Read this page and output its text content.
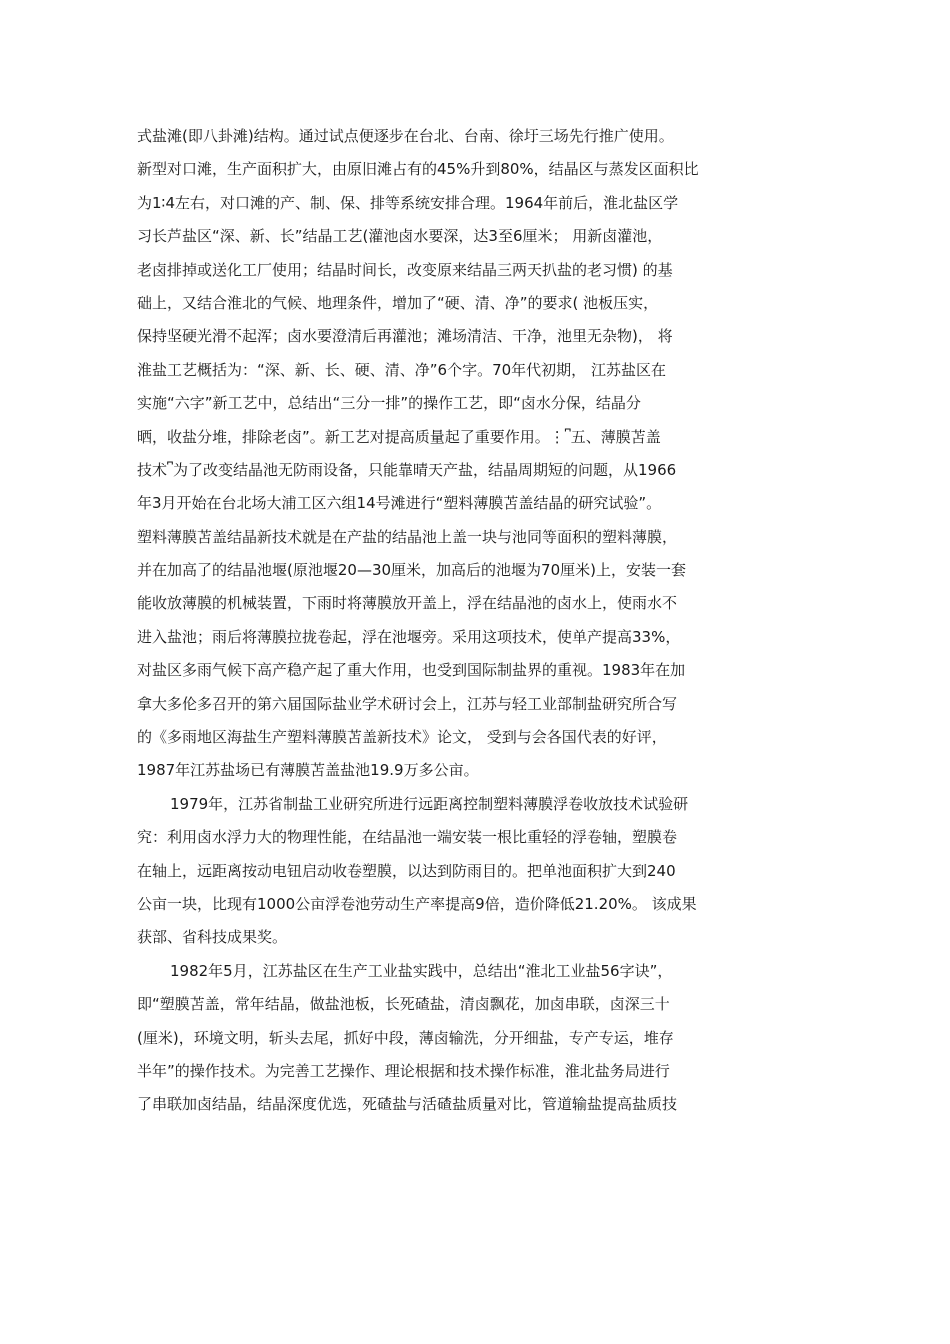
式盐滩(即八卦滩)结构。通过试点便逐步在台北、台南、徐圩三场先行推广使用。
新型对口滩，生产面积扩大，由原旧滩占有的45%升到80%，结晶区与蒸发区面积比
为1∶4左右，对口滩的产、制、保、排等系统安排合理。1964年前后，淮北盐区学
习长芦盐区“深、新、长”结晶工艺(灌池卤水要深，达3至6厘米； 用新卤灌池，
老卤排掉或送化工厂使用；结晶时间长，改变原来结晶三两天扒盐的老习惯) 的基
础上，又结合淮北的气候、地理条件，增加了“硬、清、净”的要求( 池板压实，
保持坚硬光滑不起浑；卤水要澄清后再灌池；滩场清洁、干净，池里无杂物)， 将
淮盐工艺概括为：“深、新、长、硬、清、净”6个字。70年代初期， 江苏盐区在
实施“六字”新工艺中，总结出“三分一排”的操作工艺，即“卤水分保，结晶分
晒，收盐分堆，排除老卤”。新工艺对提高质量起了重要作用。⋮⎴五、薄膜苫盖
技术⎴为了改变结晶池无防雨设备，只能靠晴天产盐，结晶周期短的问题，从1966
年3月开始在台北场大浦工区六组14号滩进行“塑料薄膜苫盖结晶的研究试验”。
塑料薄膜苫盖结晶新技术就是在产盐的结晶池上盖一块与池同等面积的塑料薄膜，
并在加高了的结晶池堰(原池堰20—30厘米，加高后的池堰为70厘米)上，安装一套
能收放薄膜的机械装置，下雨时将薄膜放开盖上，浮在结晶池的卤水上，使雨水不
进入盐池；雨后将薄膜拉拢卷起，浮在池堰旁。采用这项技术，使单产提高33%，
对盐区多雨气候下高产稳产起了重大作用，也受到国际制盐界的重视。1983年在加
拿大多伦多召开的第六届国际盐业学术研讨会上，江苏与轻工业部制盐研究所合写
的《多雨地区海盐生产塑料薄膜苫盖新技术》论文， 受到与会各国代表的好评，
1987年江苏盐场已有薄膜苫盖盐池19.9万多公亩。
1979年，江苏省制盐工业研究所进行远距离控制塑料薄膜浮卷收放技术试验研
究：利用卤水浮力大的物理性能，在结晶池一端安装一根比重轻的浮卷轴，塑膜卷
在轴上，远距离按动电钮启动收卷塑膜，以达到防雨目的。把单池面积扩大到240
公亩一块，比现有1000公亩浮卷池劳动生产率提高9倍，造价降低21.20%。 该成果
获部、省科技成果奖。
1982年5月，江苏盐区在生产工业盐实践中，总结出“淮北工业盐56字诀”，
即“塑膜苫盖，常年结晶，做盐池板，长死碴盐，清卤飘花，加卤串联，卤深三十
(厘米)，环境文明，斩头去尾，抓好中段，薄卤输洗，分开细盐，专产专运，堆存
半年”的操作技术。为完善工艺操作、理论根据和技术操作标准，淮北盐务局进行
了串联加卤结晶，结晶深度优选，死碴盐与活碴盐质量对比，管道输盐提高盐质技
